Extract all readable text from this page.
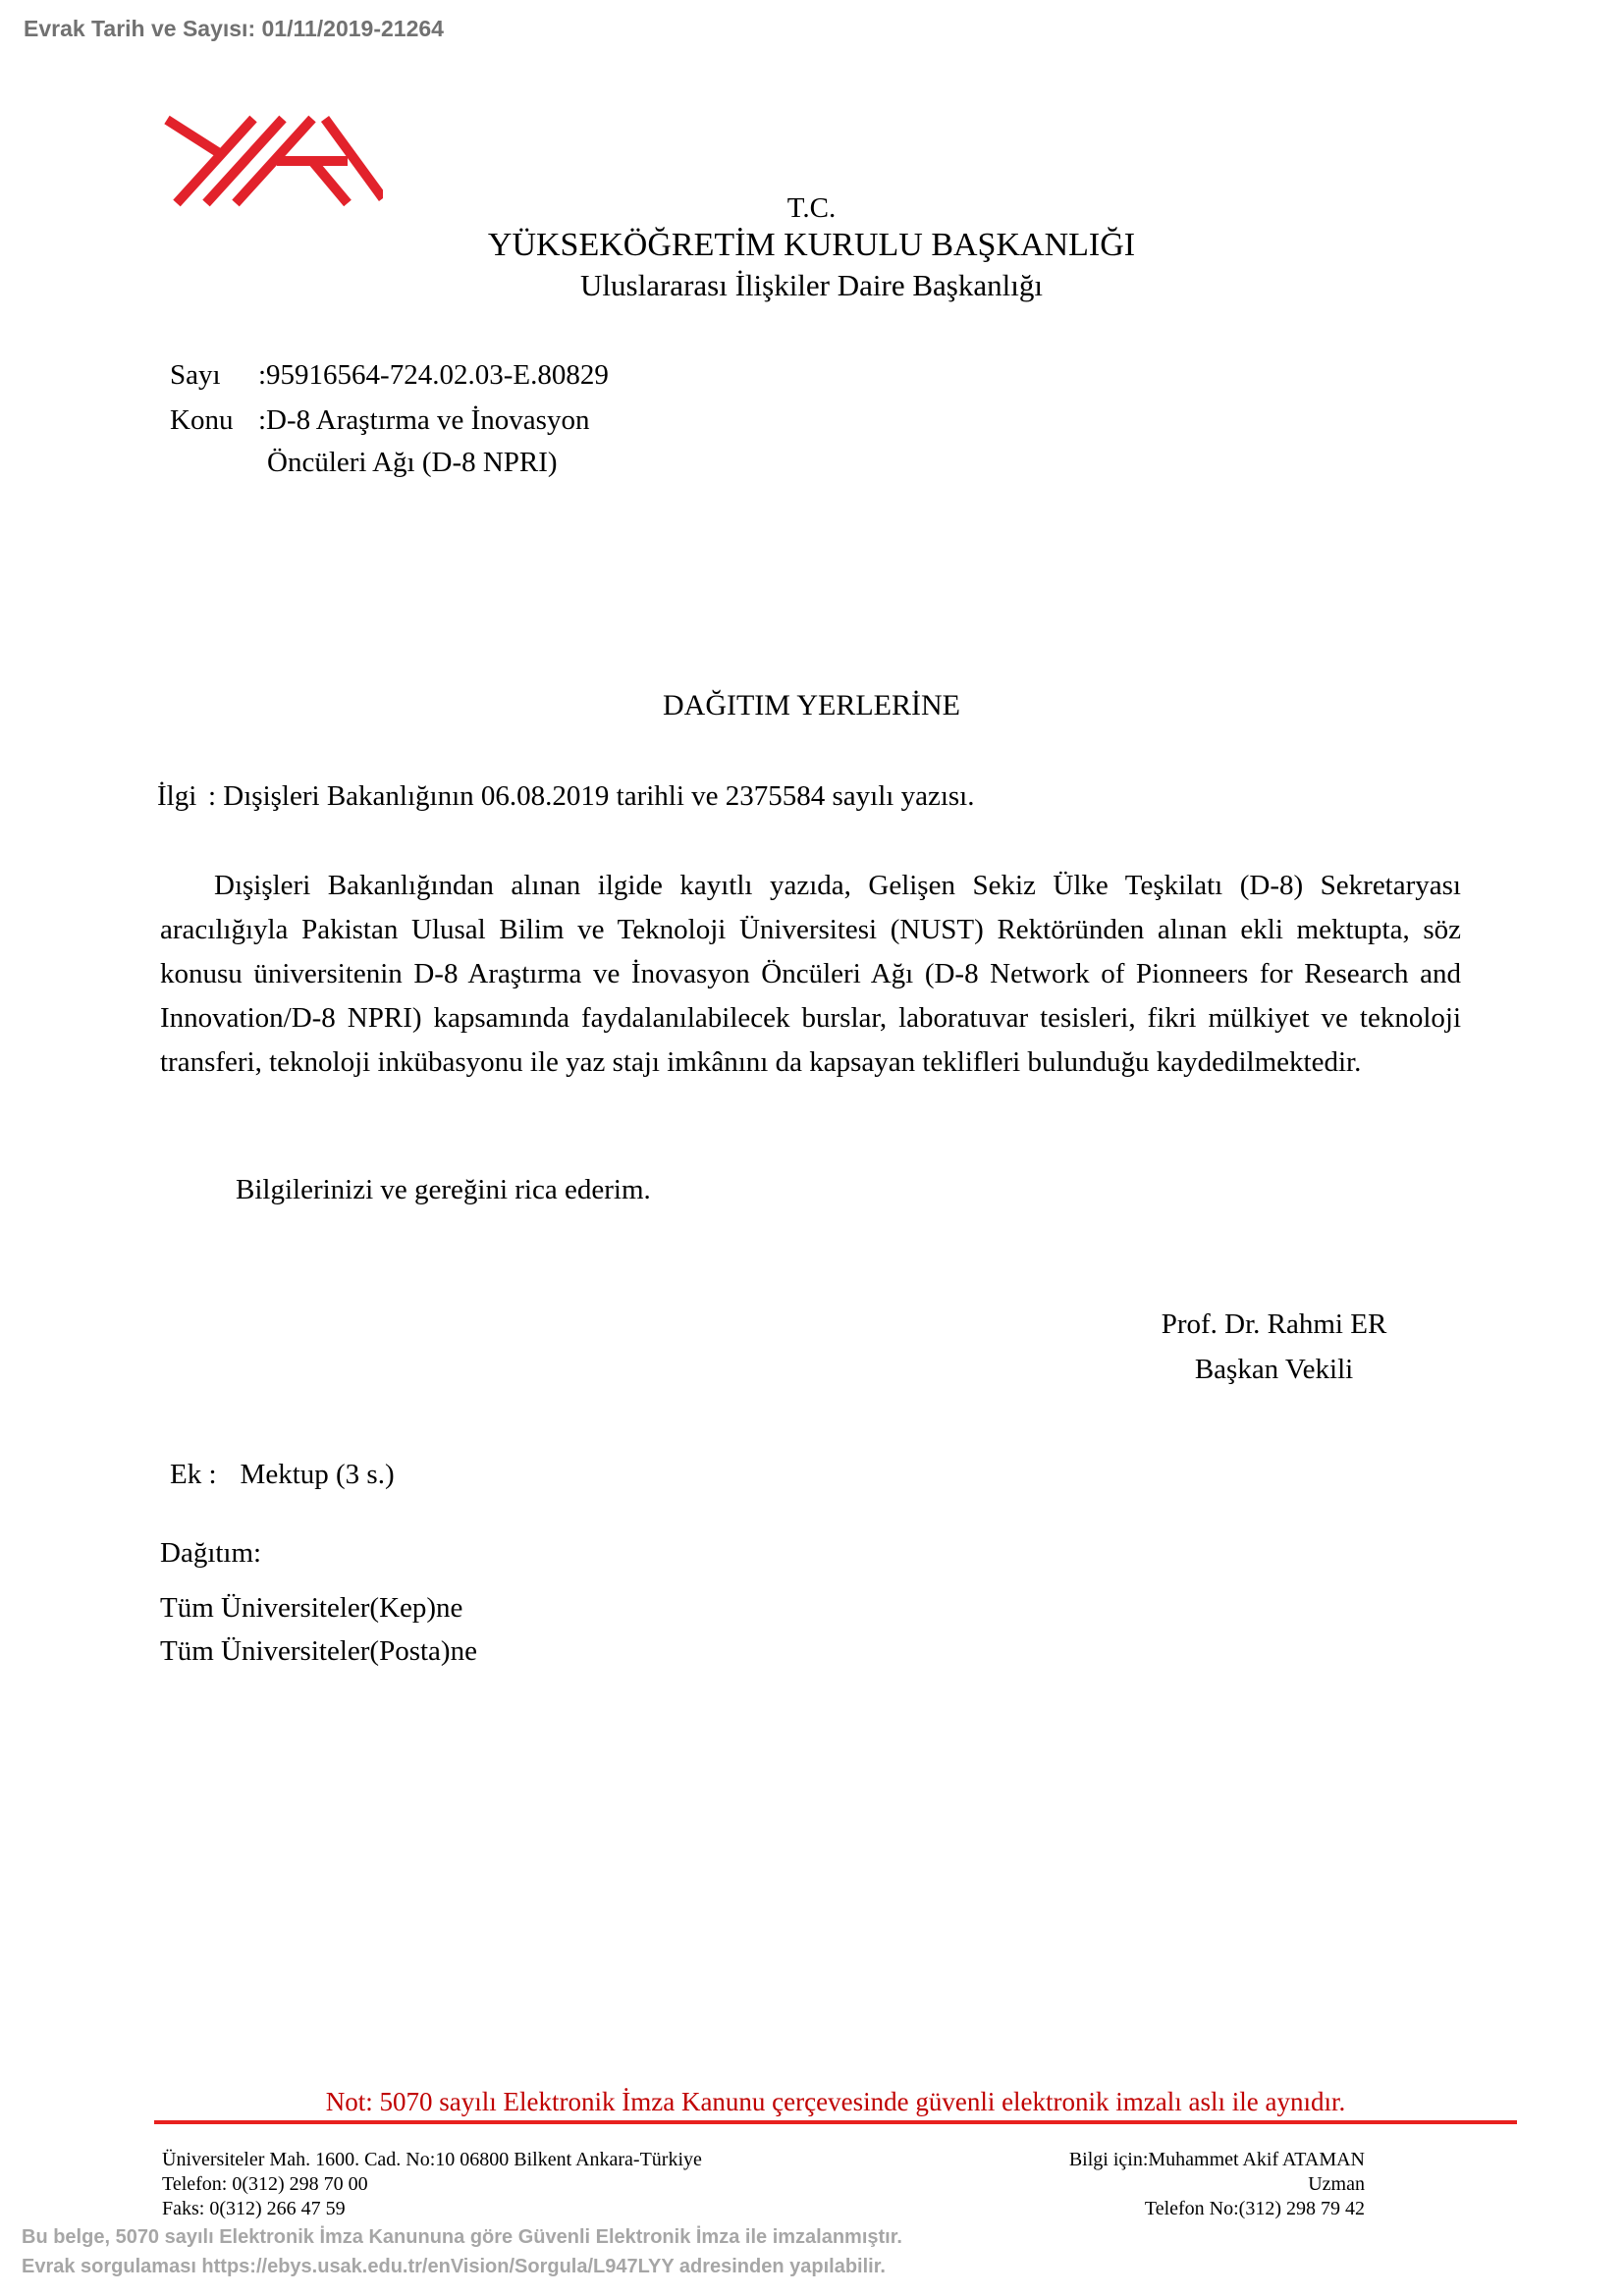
Evrak Tarih ve Sayısı: 01/11/2019-21264
T.C.
YÜKSEKÖĞRETİM KURULU BAŞKANLIĞI
Uluslararası İlişkiler Daire Başkanlığı
Sayı :95916564-724.02.03-E.80829
Konu :D-8 Araştırma ve İnovasyon
Öncüleri Ağı (D-8 NPRI)
DAĞITIM YERLERİNE
İlgi : Dışişleri Bakanlığının 06.08.2019 tarihli ve 2375584 sayılı yazısı.
Dışişleri Bakanlığından alınan ilgide kayıtlı yazıda, Gelişen Sekiz Ülke Teşkilatı (D-8) Sekretaryası aracılığıyla Pakistan Ulusal Bilim ve Teknoloji Üniversitesi (NUST) Rektöründen alınan ekli mektupta, söz konusu üniversitenin D-8 Araştırma ve İnovasyon Öncüleri Ağı (D-8 Network of Pionneers for Research and Innovation/D-8 NPRI) kapsamında faydalanılabilecek burslar, laboratuvar tesisleri, fikri mülkiyet ve teknoloji transferi, teknoloji inkübasyonu ile yaz stajı imkânını da kapsayan teklifleri bulunduğu kaydedilmektedir.
Bilgilerinizi ve gereğini rica ederim.
Prof. Dr. Rahmi ER
Başkan Vekili
Ek : Mektup (3 s.)
Dağıtım:
Tüm Üniversiteler(Kep)ne
Tüm Üniversiteler(Posta)ne
Not: 5070 sayılı Elektronik İmza Kanunu çerçevesinde güvenli elektronik imzalı aslı ile aynıdır.
Üniversiteler Mah. 1600. Cad. No:10 06800 Bilkent Ankara-Türkiye
Telefon: 0(312) 298 70 00
Faks: 0(312) 266 47 59
Bilgi için:Muhammet Akif ATAMAN
Uzman
Telefon No:(312) 298 79 42
Bu belge, 5070 sayılı Elektronik İmza Kanununa göre Güvenli Elektronik İmza ile imzalanmıştır.
Evrak sorgulaması https://ebys.usak.edu.tr/enVision/Sorgula/L947LYY adresinden yapılabilir.
